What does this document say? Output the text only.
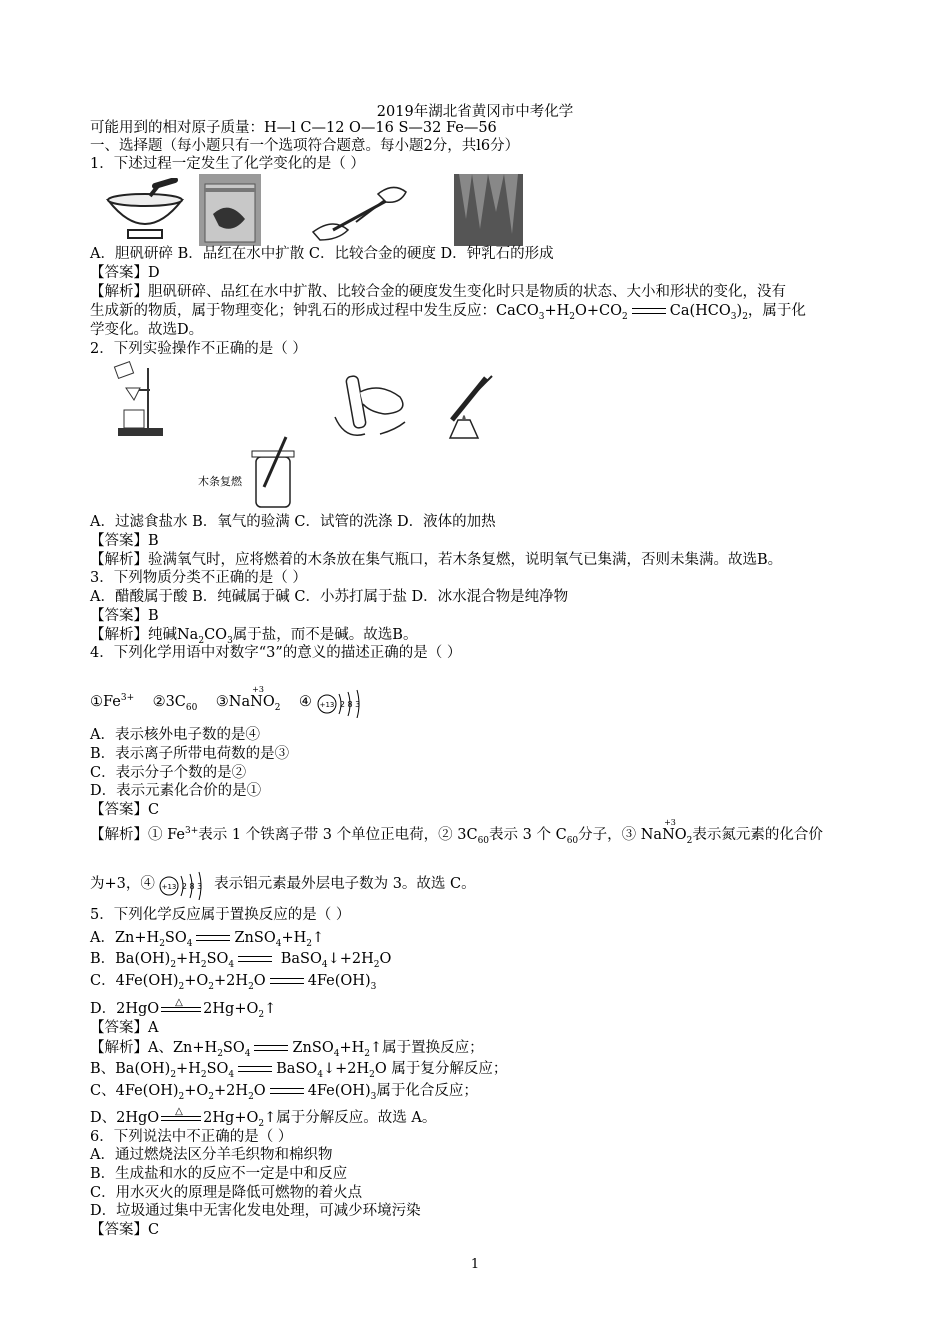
2019年湖北省黄冈市中考化学
可能用到的相对原子质量：H—l C—12 O—16 S—32 Fe—56
一、选择题（每小题只有一个选项符合题意。每小题2分，共l6分）
1．下述过程一定发生了化学变化的是（ ）
A．胆矾研碎 B．品红在水中扩散 C．比较合金的硬度 D．钟乳石的形成
【答案】D
【解析】胆矾研碎、品红在水中扩散、比较合金的硬度发生变化时只是物质的状态、大小和形状的变化，没有
生成新的物质，属于物理变化；钟乳石的形成过程中发生反应：$CaCO_3+H_2O+CO_2$	$Ca(HCO_3)_2$，属于化
学变化。故选D。
2．下列实验操作不正确的是（ ）
木条复燃
A．过滤食盐水 B．氧气的验满 C．试管的洗涤 D．液体的加热
【答案】B
【解析】验满氧气时，应将燃着的木条放在集气瓶口，若木条复燃，说明氧气已集满，否则未集满。故选B。
3．下列物质分类不正确的是（ ）
A．醋酸属于酸 B．纯碱属于碱 C．小苏打属于盐 D．冰水混合物是纯净物
【答案】B
【解析】纯碱$Na_2CO_3$属于盐，而不是碱。故选B。
4．下列化学用语中对数字“3”的意义的描述正确的是（ ）
$①Fe^{3+}$ $②3C_{60}$ ③Na
+3
$NO_2$ ④ +13 2 8 3
A．表示核外电子数的是④
B．表示离子所带电荷数的是③
C．表示分子个数的是②
D．表示元素化合价的是①
【答案】C
【解析】① $Fe^{3+}$表示 1 个铁离子带 3 个单位正电荷，② $3C_{60}$表示 3 个 $C_{60}$分子，③ Na
+3
$NO_2$表示氮元素的化合价
为+3，④ +13 2 8 3 表示铝元素最外层电子数为 3。故选 C。
5．下列化学反应属于置换反应的是（ ）
A．$Zn+H_2SO_4$	$ZnSO_4+H_2↑$
B．$Ba(OH)_2+H_2SO_4$	$BaSO_4↓+2H_2O$
C．$4Fe(OH)_2+O_2+2H_2O$	$4Fe(OH)_3$
D．2HgO △ $2Hg+O_2↑$
【答案】A
【解析】A、$Zn+H_2SO_4$	$ZnSO_4+H_2↑$属于置换反应；
B、$Ba(OH)_2+H_2SO_4$	$BaSO_4↓+2H_2O$ 属于复分解反应；
C、$4Fe(OH)_2+O_2+2H_2O$	$4Fe(OH)_3$属于化合反应；
D、2HgO △ $2Hg+O_2↑$属于分解反应。故选 A。
6．下列说法中不正确的是（ ）
A．通过燃烧法区分羊毛织物和棉织物
B．生成盐和水的反应不一定是中和反应
C．用水灭火的原理是降低可燃物的着火点
D．垃圾通过集中无害化发电处理，可减少环境污染
【答案】C
1
